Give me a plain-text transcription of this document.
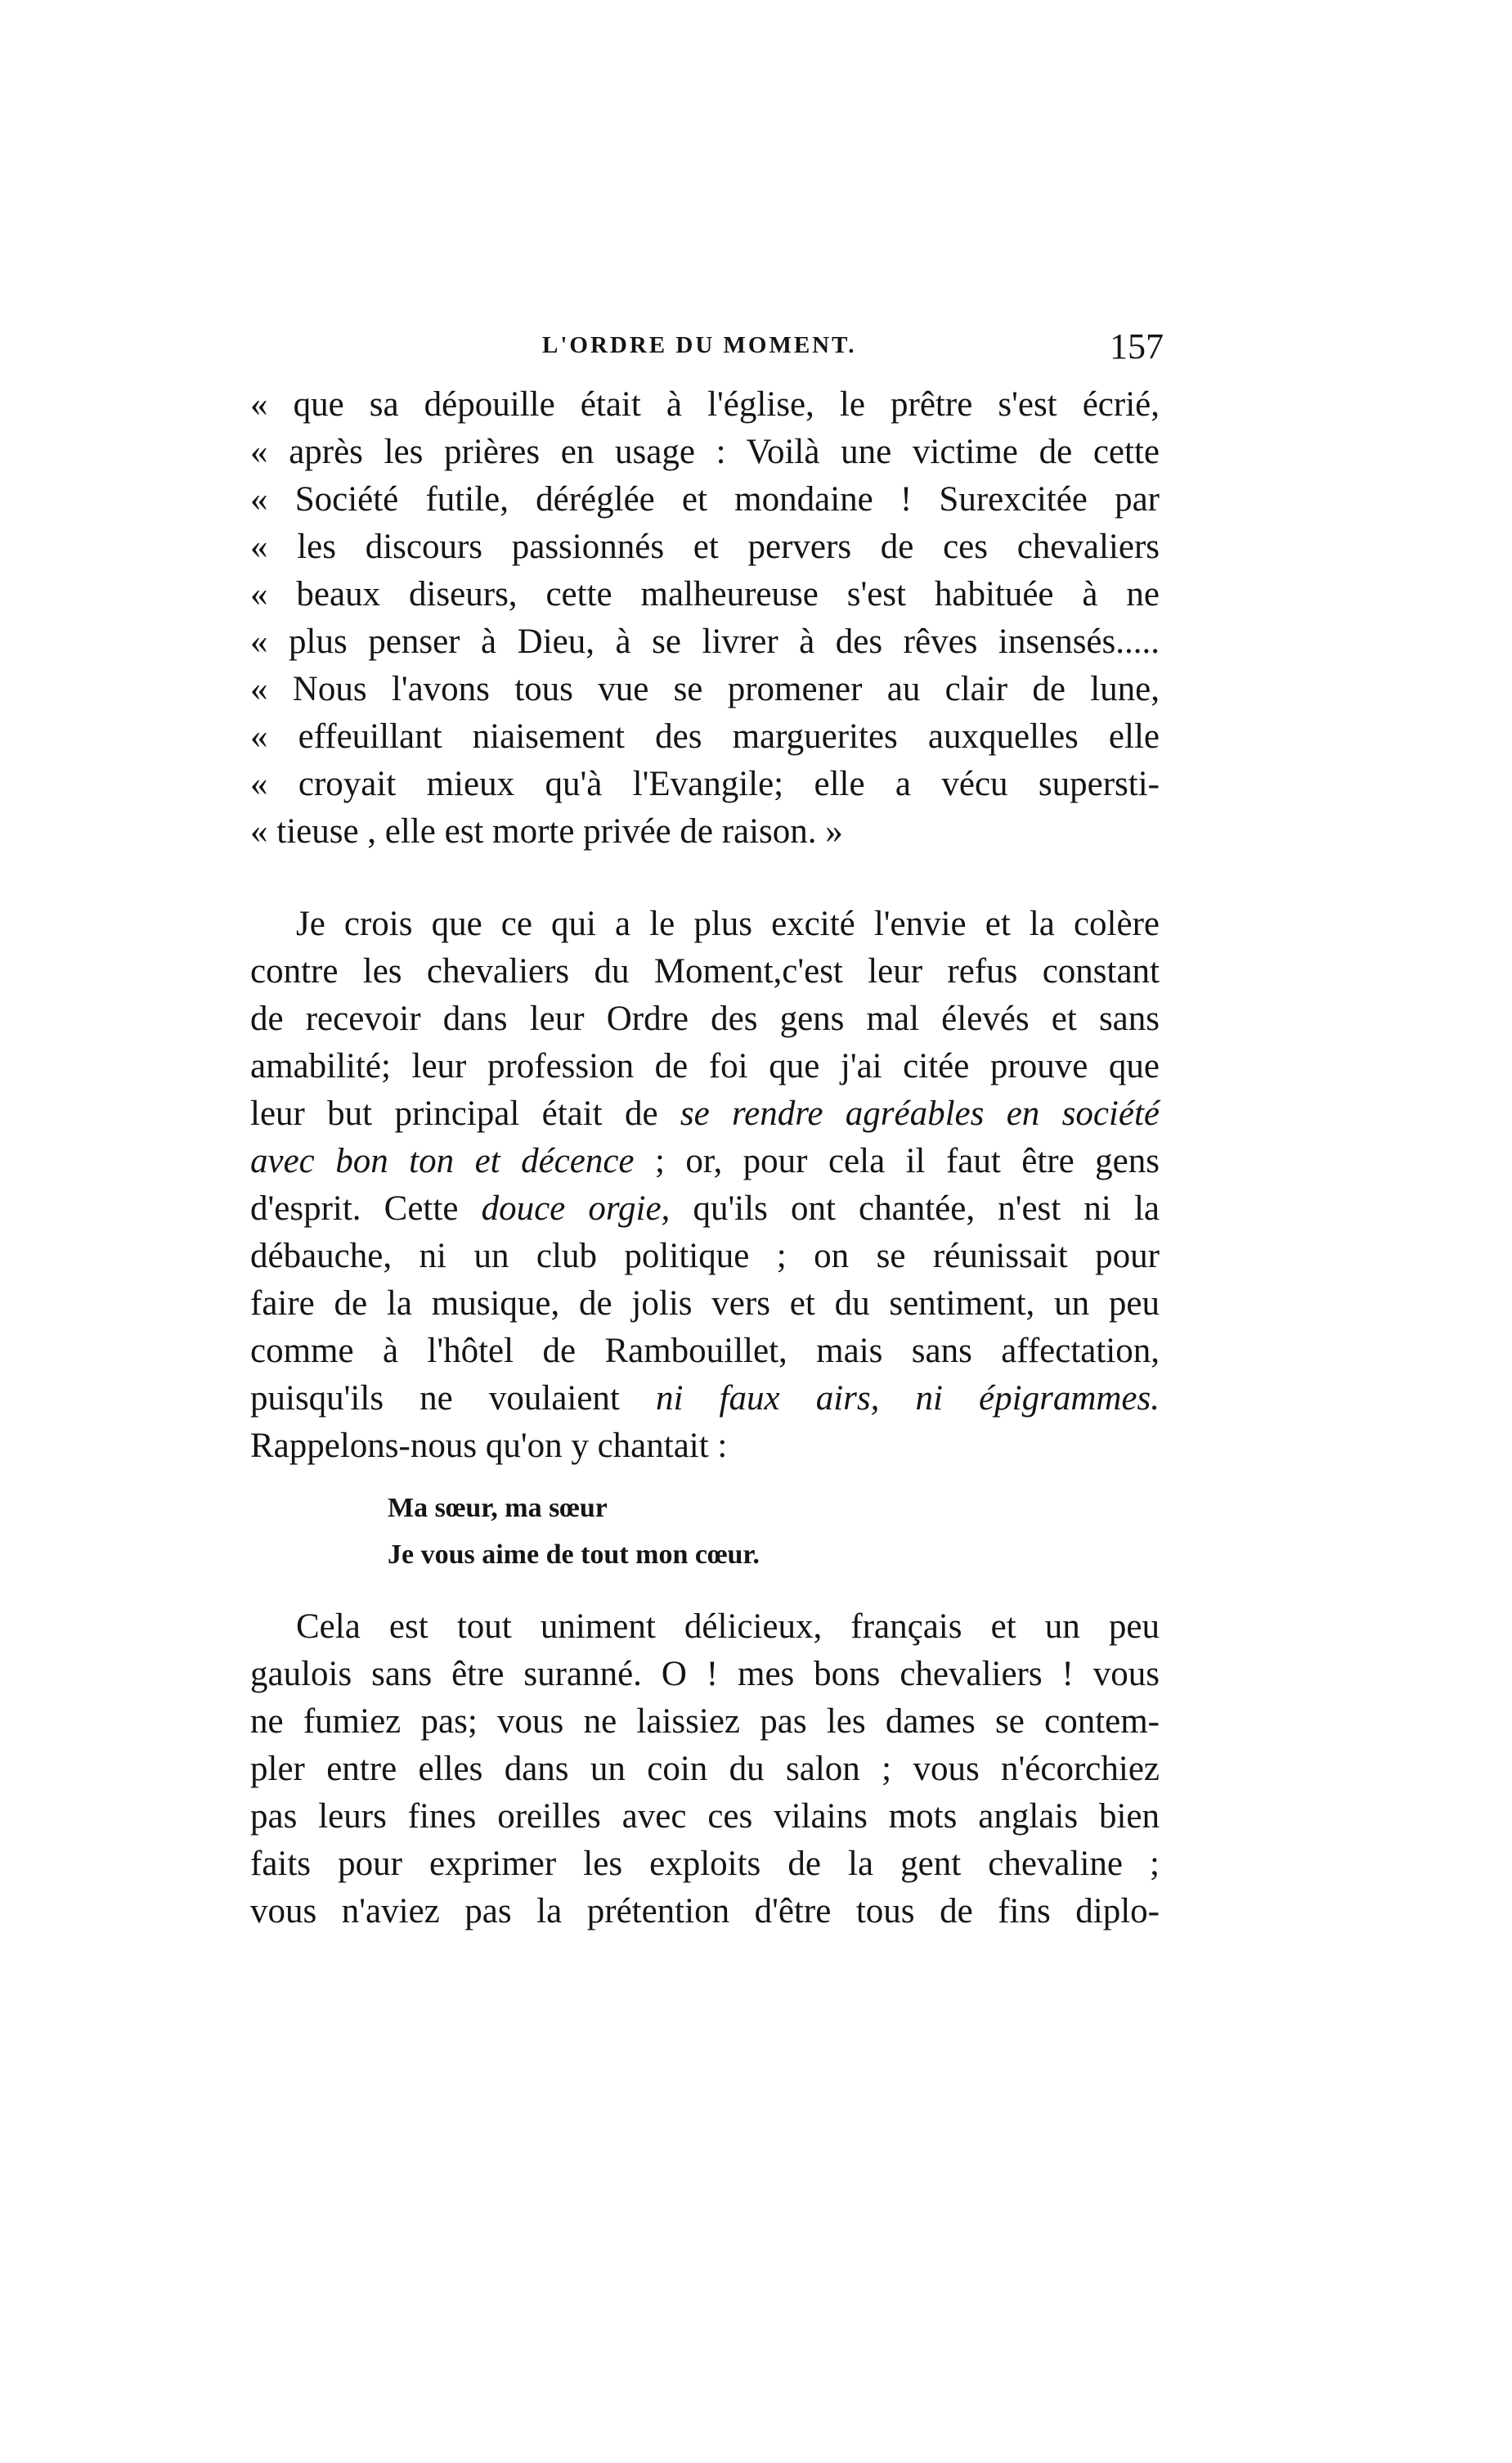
L'ORDRE DU MOMENT.	157
« que sa dépouille était à l'église, le prêtre s'est écrié,
« après les prières en usage : Voilà une victime de cette
« Société futile, déréglée et mondaine ! Surexcitée par
« les discours passionnés et pervers de ces chevaliers
« beaux diseurs, cette malheureuse s'est habituée à ne
« plus penser à Dieu, à se livrer à des rêves insensés.....
« Nous l'avons tous vue se promener au clair de lune,
« effeuillant niaisement des marguerites auxquelles elle
« croyait mieux qu'à l'Evangile; elle a vécu supersti-
« tieuse , elle est morte privée de raison. »
Je crois que ce qui a le plus excité l'envie et la colère
contre les chevaliers du Moment,c'est leur refus constant
de recevoir dans leur Ordre des gens mal élevés et sans
amabilité; leur profession de foi que j'ai citée prouve que
leur but principal était de se rendre agréables en société
avec bon ton et décence ; or, pour cela il faut être gens
d'esprit. Cette douce orgie, qu'ils ont chantée, n'est ni la
débauche, ni un club politique ; on se réunissait pour
faire de la musique, de jolis vers et du sentiment, un peu
comme à l'hôtel de Rambouillet, mais sans affectation,
puisqu'ils ne voulaient ni faux airs, ni épigrammes.
Rappelons-nous qu'on y chantait :
Ma sœur, ma sœur
Je vous aime de tout mon cœur.
Cela est tout uniment délicieux, français et un peu
gaulois sans être suranné. O ! mes bons chevaliers ! vous
ne fumiez pas; vous ne laissiez pas les dames se contem-
pler entre elles dans un coin du salon ; vous n'écorchiez
pas leurs fines oreilles avec ces vilains mots anglais bien
faits pour exprimer les exploits de la gent chevaline ;
vous n'aviez pas la prétention d'être tous de fins diplo-
